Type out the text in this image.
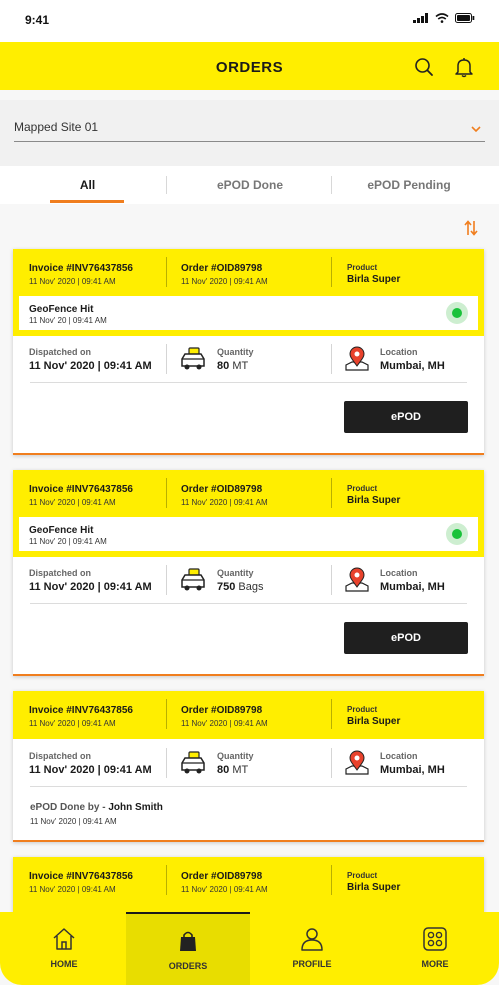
9:41
ORDERS
Mapped Site 01
All	ePOD Done	ePOD Pending
Invoice #INV76437856
11 Nov' 2020 | 09:41 AM
Order #OID89798
11 Nov' 2020 | 09:41 AM
Product
Birla Super
GeoFence Hit
11 Nov' 20 | 09:41 AM
Dispatched on
11 Nov' 2020 | 09:41 AM
Quantity
80 MT
Location
Mumbai, MH
ePOD
Invoice #INV76437856
11 Nov' 2020 | 09:41 AM
Order #OID89798
11 Nov' 2020 | 09:41 AM
Product
Birla Super
GeoFence Hit
11 Nov' 20 | 09:41 AM
Dispatched on
11 Nov' 2020 | 09:41 AM
Quantity
750 Bags
Location
Mumbai, MH
ePOD
Invoice #INV76437856
11 Nov' 2020 | 09:41 AM
Order #OID89798
11 Nov' 2020 | 09:41 AM
Product
Birla Super
Dispatched on
11 Nov' 2020 | 09:41 AM
Quantity
80 MT
Location
Mumbai, MH
ePOD Done by - John Smith
11 Nov' 2020 | 09:41 AM
Invoice #INV76437856
11 Nov' 2020 | 09:41 AM
Order #OID89798
11 Nov' 2020 | 09:41 AM
Product
Birla Super
HOME	ORDERS	PROFILE	MORE
